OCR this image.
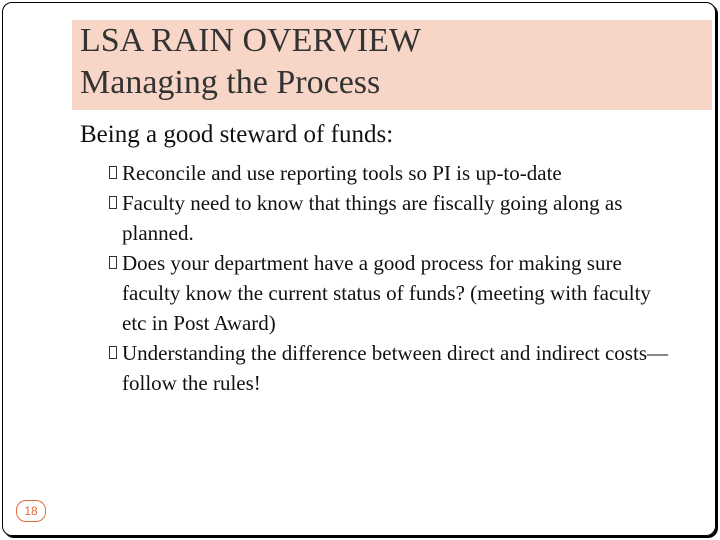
LSA RAIN OVERVIEW
Managing the Process
Being a good steward of funds:
Reconcile and use reporting tools so PI is up-to-date
Faculty need to know that things are fiscally going along as planned.
Does your department have a good process for making sure faculty know the current status of funds? (meeting with faculty etc in Post Award)
Understanding the difference between direct and indirect costs—follow the rules!
18
